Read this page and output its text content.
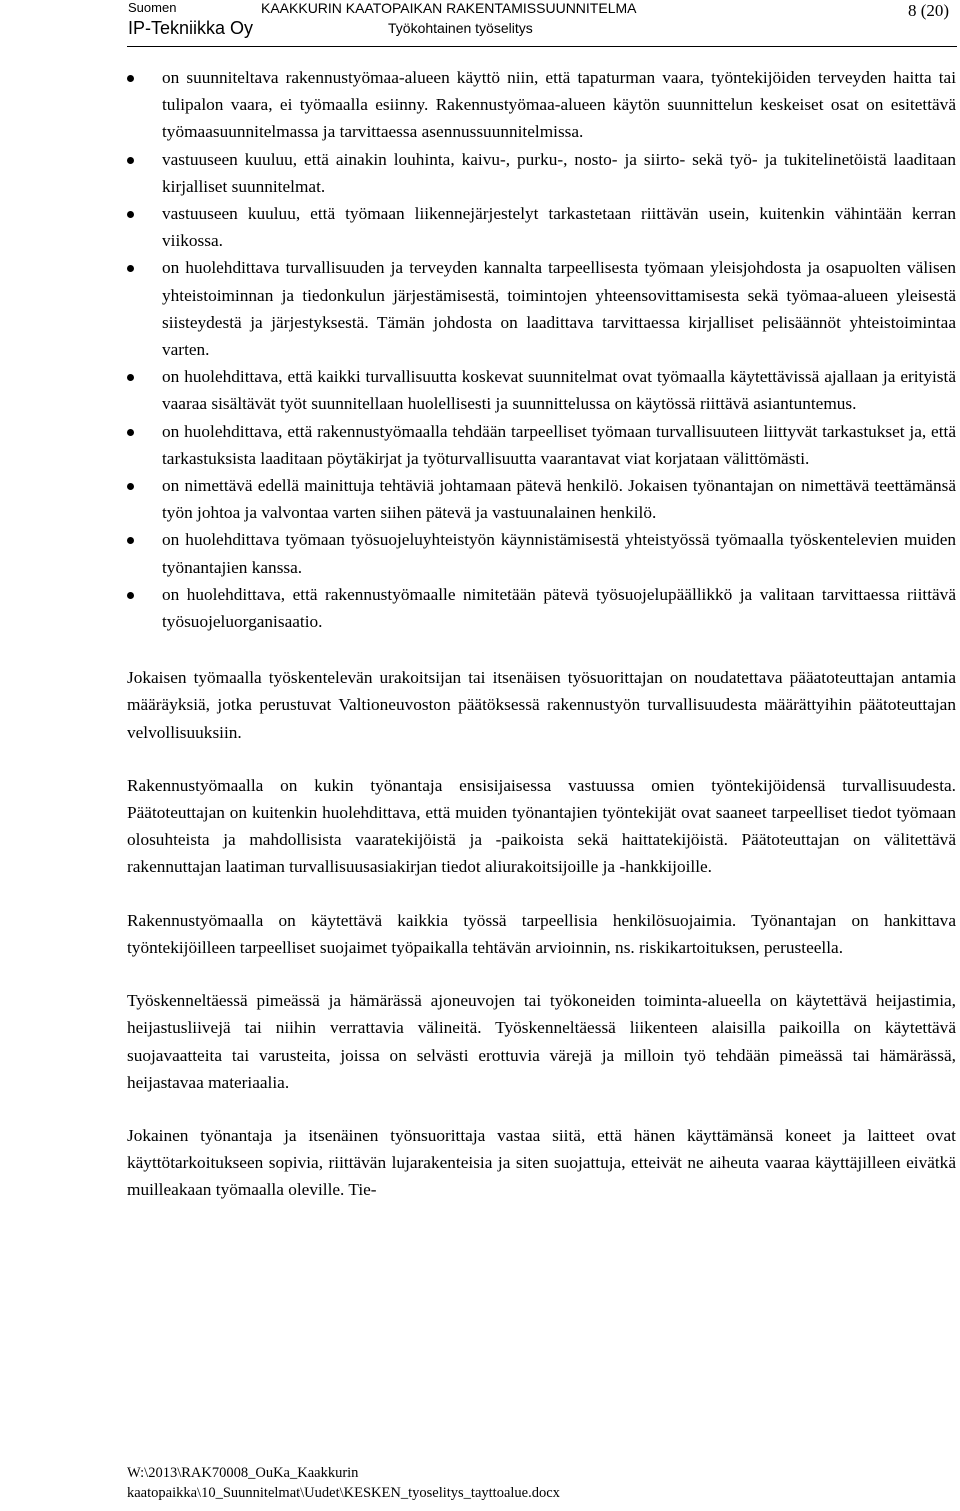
Suomen
IP-Tekniikka Oy
KAAKKURIN KAATOPAIKAN RAKENTAMISSUUNNITELMA
Työkohtainen työselitys
8 (20)
on suunniteltava rakennustyömaa-alueen käyttö niin, että tapaturman vaara, työntekijöiden terveyden haitta tai tulipalon vaara, ei työmaalla esiinny. Rakennustyömaa-alueen käytön suunnittelun keskeiset osat on esitettävä työmaasuunnitelmassa ja tarvittaessa asennussuunnitelmissa.
vastuuseen kuuluu, että ainakin louhinta, kaivu-, purku-, nosto- ja siirto- sekä työ- ja tukitelinetöistä laaditaan kirjalliset suunnitelmat.
vastuuseen kuuluu, että työmaan liikennejärjestelyt tarkastetaan riittävän usein, kuitenkin vähintään kerran viikossa.
on huolehdittava turvallisuuden ja terveyden kannalta tarpeellisesta työmaan yleisjohdosta ja osapuolten välisen yhteistoiminnan ja tiedonkulun järjestämisestä, toimintojen yhteensovittamisesta sekä työmaa-alueen yleisestä siisteydestä ja järjestyksestä. Tämän johdosta on laadittava tarvittaessa kirjalliset pelisäännöt yhteistoimintaa varten.
on huolehdittava, että kaikki turvallisuutta koskevat suunnitelmat ovat työmaalla käytettävissä ajallaan ja erityistä vaaraa sisältävät työt suunnitellaan huolellisesti ja suunnittelussa on käytössä riittävä asiantuntemus.
on huolehdittava, että rakennustyömaalla tehdään tarpeelliset työmaan turvallisuuteen liittyvät tarkastukset ja, että tarkastuksista laaditaan pöytäkirjat ja työturvallisuutta vaarantavat viat korjataan välittömästi.
on nimettävä edellä mainittuja tehtäviä johtamaan pätevä henkilö. Jokaisen työnantajan on nimettävä teettämänsä työn johtoa ja valvontaa varten siihen pätevä ja vastuunalainen henkilö.
on huolehdittava työmaan työsuojeluyhteistyön käynnistämisestä yhteistyössä työmaalla työskentelevien muiden työnantajien kanssa.
on huolehdittava, että rakennustyömaalle nimitetään pätevä työsuojelupäällikkö ja valitaan tarvittaessa riittävä työsuojeluorganisaatio.

Jokaisen työmaalla työskentelevän urakoitsijan tai itsenäisen työsuorittajan on noudatettava pääatoteuttajan antamia määräyksiä, jotka perustuvat Valtioneuvoston päätöksessä rakennustyön turvallisuudesta määrättyihin päätoteuttajan velvollisuuksiin.

Rakennustyömaalla on kukin työnantaja ensisijaisessa vastuussa omien työntekijöidensä turvallisuudesta. Päätoteuttajan on kuitenkin huolehdittava, että muiden työnantajien työntekijät ovat saaneet tarpeelliset tiedot työmaan olosuhteista ja mahdollisista vaaratekijöistä ja -paikoista sekä haittatekijöistä. Päätoteuttajan on välitettävä rakennuttajan laatiman turvallisuusasiakirjan tiedot aliurakoitsijoille ja -hankkijoille.

Rakennustyömaalla on käytettävä kaikkia työssä tarpeellisia henkilösuojaimia. Työnantajan on hankittava työntekijöilleen tarpeelliset suojaimet työpaikalla tehtävän arvioinnin, ns. riskikartoituksen, perusteella.

Työskenneltäessä pimeässä ja hämärässä ajoneuvojen tai työkoneiden toiminta-alueella on käytettävä heijastimia, heijastusliivejä tai niihin verrattavia välineitä. Työskenneltäessä liikenteen alaisilla paikoilla on käytettävä suojavaatteita tai varusteita, joissa on selvästi erottuvia värejä ja milloin työ tehdään pimeässä tai hämärässä, heijastavaa materiaalia.

Jokainen työnantaja ja itsenäinen työnsuorittaja vastaa siitä, että hänen käyttämänsä koneet ja laitteet ovat käyttötarkoitukseen sopivia, riittävän lujarakenteisia ja siten suojattuja, etteivät ne aiheuta vaaraa käyttäjilleen eivätkä muilleakaan työmaalla oleville. Tie-

W:\2013\RAK70008_OuKa_Kaakkurin
kaatopaikka\10_Suunnitelmat\Uudet\KESKEN_tyoselitys_tayttoalue.docx
